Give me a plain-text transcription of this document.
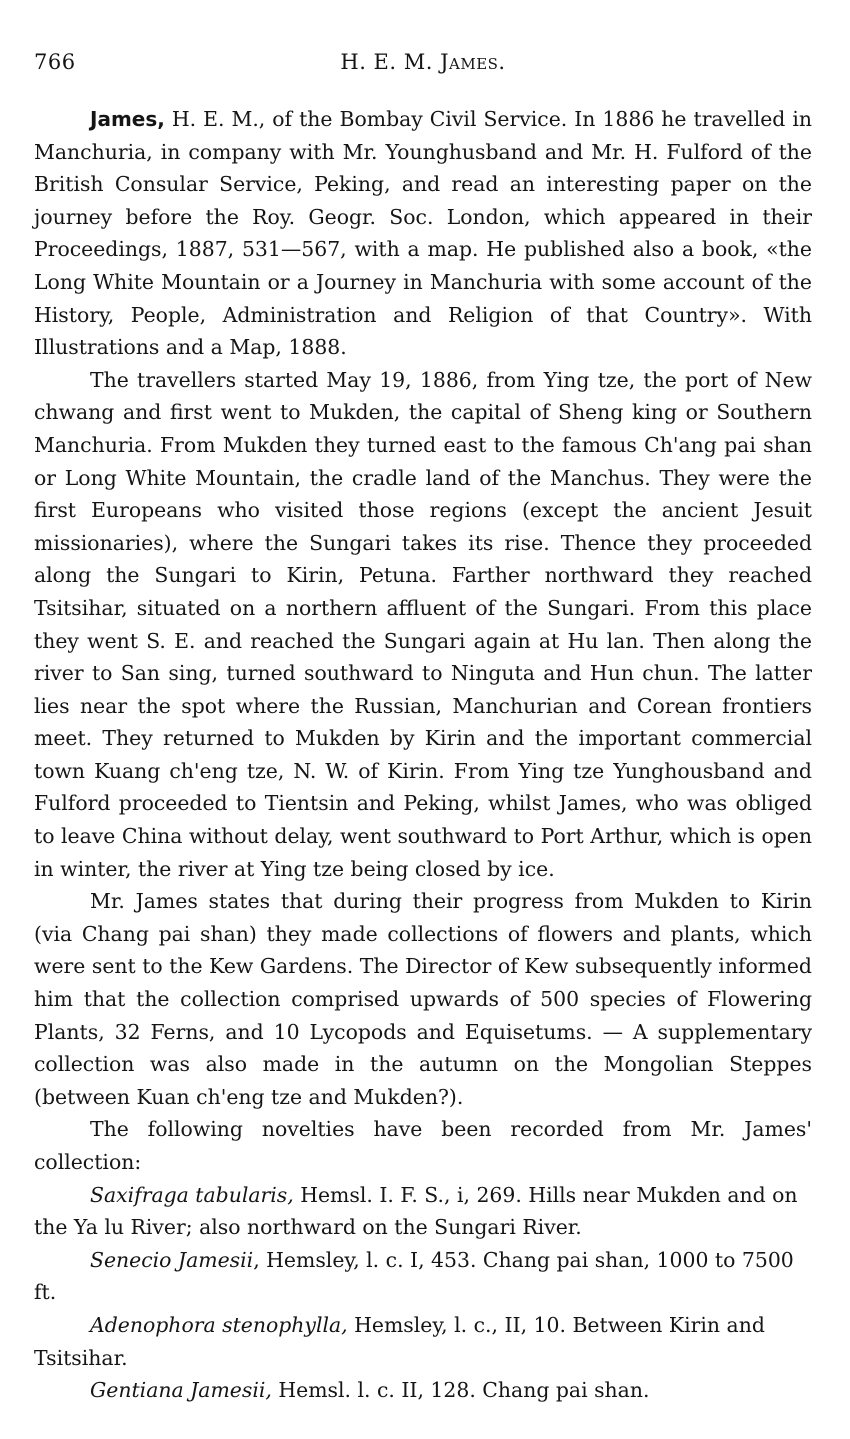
766	H. E. M. James.

James, H. E. M., of the Bombay Civil Service. In 1886 he travelled in Manchuria, in company with Mr. Younghusband and Mr. H. Fulford of the British Consular Service, Peking, and read an interesting paper on the journey before the Roy. Geogr. Soc. London, which appeared in their Proceedings, 1887, 531—567, with a map. He published also a book, «the Long White Mountain or a Journey in Manchuria with some account of the History, People, Administration and Religion of that Country». With Illustrations and a Map, 1888.

The travellers started May 19, 1886, from Ying tze, the port of New chwang and first went to Mukden, the capital of Sheng king or Southern Manchuria. From Mukden they turned east to the famous Ch'ang pai shan or Long White Mountain, the cradle land of the Manchus. They were the first Europeans who visited those regions (except the ancient Jesuit missionaries), where the Sungari takes its rise. Thence they proceeded along the Sungari to Kirin, Petuna. Farther northward they reached Tsitsihar, situated on a northern affluent of the Sungari. From this place they went S. E. and reached the Sungari again at Hu lan. Then along the river to San sing, turned southward to Ninguta and Hun chun. The latter lies near the spot where the Russian, Manchurian and Corean frontiers meet. They returned to Mukden by Kirin and the important commercial town Kuang ch'eng tze, N. W. of Kirin. From Ying tze Yunghousband and Fulford proceeded to Tientsin and Peking, whilst James, who was obliged to leave China without delay, went southward to Port Arthur, which is open in winter, the river at Ying tze being closed by ice.

Mr. James states that during their progress from Mukden to Kirin (via Chang pai shan) they made collections of flowers and plants, which were sent to the Kew Gardens. The Director of Kew subsequently informed him that the collection comprised upwards of 500 species of Flowering Plants, 32 Ferns, and 10 Lycopods and Equisetums. — A supplementary collection was also made in the autumn on the Mongolian Steppes (between Kuan ch'eng tze and Mukden?).

The following novelties have been recorded from Mr. James' collection:

Saxifraga tabularis, Hemsl. I. F. S., i, 269. Hills near Mukden and on the Ya lu River; also northward on the Sungari River.

Senecio Jamesii, Hemsley, l. c. I, 453. Chang pai shan, 1000 to 7500 ft.

Adenophora stenophylla, Hemsley, l. c., II, 10. Between Kirin and Tsitsihar.

Gentiana Jamesii, Hemsl. l. c. II, 128. Chang pai shan.
